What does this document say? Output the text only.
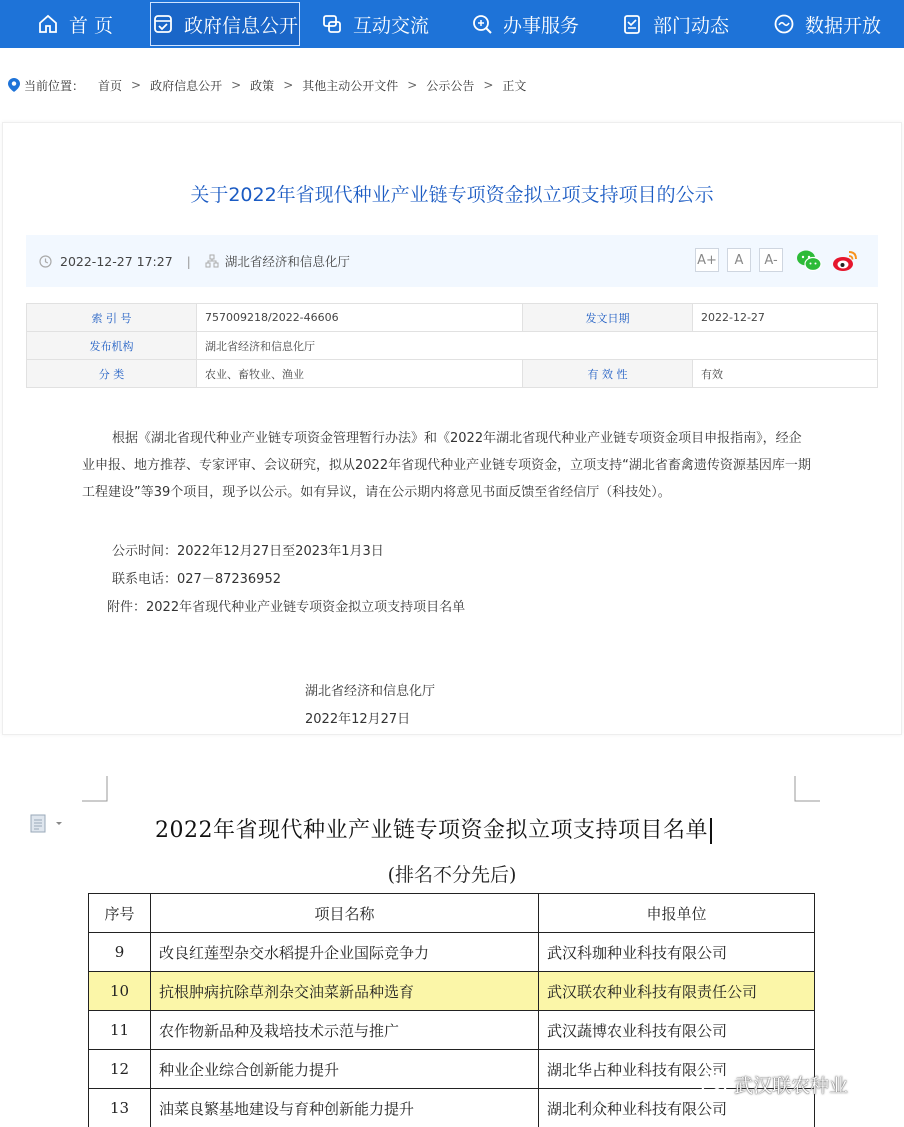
首 页	政府信息公开	互动交流	办事服务	部门动态	数据开放
当前位置： 首页 > 政府信息公开 > 政策 > 其他主动公开文件 > 公示公告 > 正文
关于2022年省现代种业产业链专项资金拟立项支持项目的公示
2022-12-27 17:27 |	湖北省经济和信息化厅	A+	A	A-
索 引 号	757009218/2022-46606	发文日期	2022-12-27
发布机构	湖北省经济和信息化厅		
分 类	农业、畜牧业、渔业	有 效 性	有效

根据《湖北省现代种业产业链专项资金管理暂行办法》和《2022年湖北省现代种业产业链专项资金项目申报指南》，经企业申报、地方推荐、专家评审、会议研究，拟从2022年省现代种业产业链专项资金，立项支持“湖北省畜禽遗传资源基因库一期工程建设”等39个项目，现予以公示。如有异议，请在公示期内将意见书面反馈至省经信厅（科技处）。

公示时间：2022年12月27日至2023年1月3日
联系电话：027－87236952
附件：2022年省现代种业产业链专项资金拟立项支持项目名单
湖北省经济和信息化厅
2022年12月27日
2022年省现代种业产业链专项资金拟立项支持项目名单
(排名不分先后)
序号	项目名称	申报单位
9	改良红莲型杂交水稻提升企业国际竞争力	武汉科珈种业科技有限公司
10	抗根肿病抗除草剂杂交油菜新品种选育	武汉联农种业科技有限责任公司
11	农作物新品种及栽培技术示范与推广	武汉蔬博农业科技有限公司
12	种业企业综合创新能力提升	湖北华占种业科技有限公司
13	油菜良繁基地建设与育种创新能力提升	湖北利众种业科技有限公司
武汉联农种业
